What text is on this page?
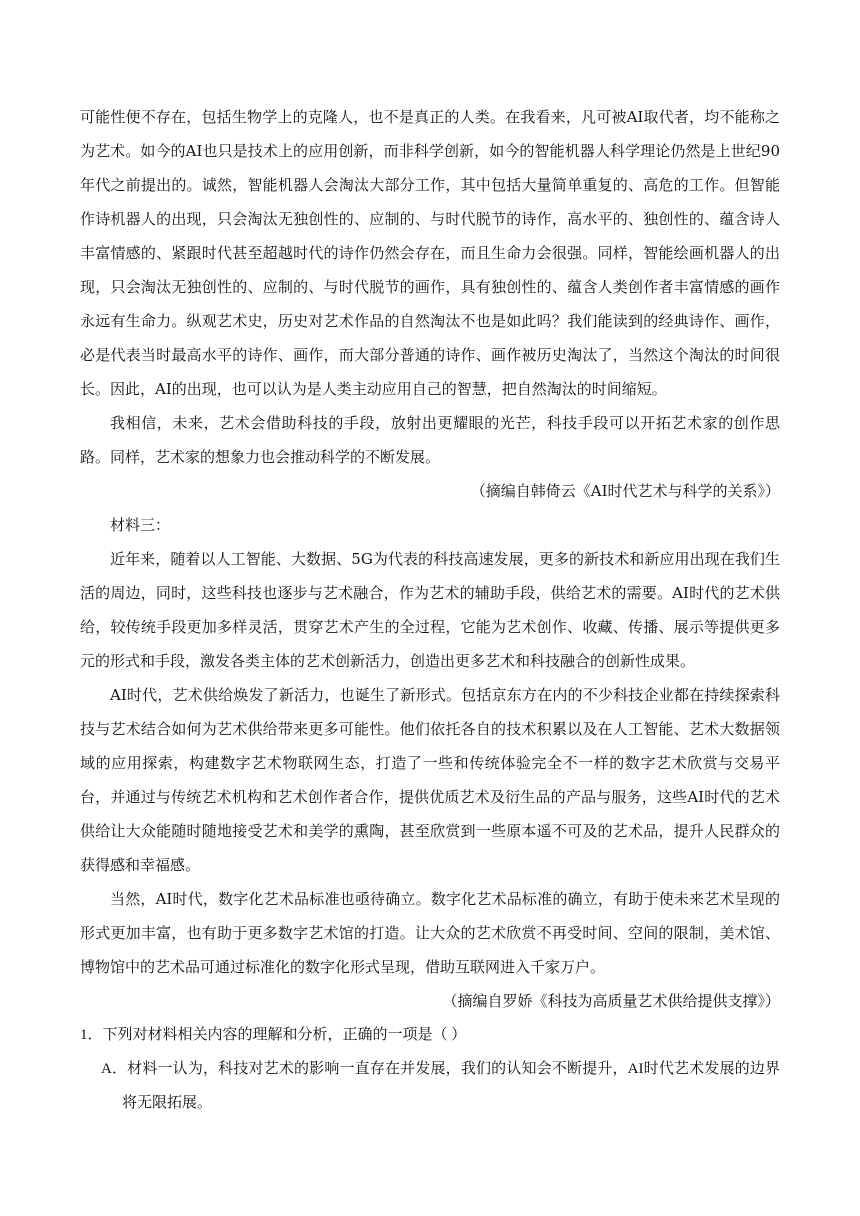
可能性便不存在，包括生物学上的克隆人，也不是真正的人类。在我看来，凡可被AI取代者，均不能称之为艺术。如今的AI也只是技术上的应用创新，而非科学创新，如今的智能机器人科学理论仍然是上世纪90年代之前提出的。诚然，智能机器人会淘汰大部分工作，其中包括大量简单重复的、高危的工作。但智能作诗机器人的出现，只会淘汰无独创性的、应制的、与时代脱节的诗作，高水平的、独创性的、蕴含诗人丰富情感的、紧跟时代甚至超越时代的诗作仍然会存在，而且生命力会很强。同样，智能绘画机器人的出现，只会淘汰无独创性的、应制的、与时代脱节的画作，具有独创性的、蕴含人类创作者丰富情感的画作永远有生命力。纵观艺术史，历史对艺术作品的自然淘汰不也是如此吗？我们能读到的经典诗作、画作，必是代表当时最高水平的诗作、画作，而大部分普通的诗作、画作被历史淘汰了，当然这个淘汰的时间很长。因此，AI的出现，也可以认为是人类主动应用自己的智慧，把自然淘汰的时间缩短。

我相信，未来，艺术会借助科技的手段，放射出更耀眼的光芒，科技手段可以开拓艺术家的创作思路。同样，艺术家的想象力也会推动科学的不断发展。

（摘编自韩倚云《AI时代艺术与科学的关系》）

材料三：

近年来，随着以人工智能、大数据、5G为代表的科技高速发展，更多的新技术和新应用出现在我们生活的周边，同时，这些科技也逐步与艺术融合，作为艺术的辅助手段，供给艺术的需要。AI时代的艺术供给，较传统手段更加多样灵活，贯穿艺术产生的全过程，它能为艺术创作、收藏、传播、展示等提供更多元的形式和手段，激发各类主体的艺术创新活力，创造出更多艺术和科技融合的创新性成果。

AI时代，艺术供给焕发了新活力，也诞生了新形式。包括京东方在内的不少科技企业都在持续探索科技与艺术结合如何为艺术供给带来更多可能性。他们依托各自的技术积累以及在人工智能、艺术大数据领域的应用探索，构建数字艺术物联网生态，打造了一些和传统体验完全不一样的数字艺术欣赏与交易平台，并通过与传统艺术机构和艺术创作者合作，提供优质艺术及衍生品的产品与服务，这些AI时代的艺术供给让大众能随时随地接受艺术和美学的熏陶，甚至欣赏到一些原本遥不可及的艺术品，提升人民群众的获得感和幸福感。

当然，AI时代，数字化艺术品标准也亟待确立。数字化艺术品标准的确立，有助于使未来艺术呈现的形式更加丰富，也有助于更多数字艺术馆的打造。让大众的艺术欣赏不再受时间、空间的限制，美术馆、博物馆中的艺术品可通过标准化的数字化形式呈现，借助互联网进入千家万户。

（摘编自罗娇《科技为高质量艺术供给提供支撑》）

1．下列对材料相关内容的理解和分析，正确的一项是（ ）

A．材料一认为，科技对艺术的影响一直存在并发展，我们的认知会不断提升，AI时代艺术发展的边界将无限拓展。
